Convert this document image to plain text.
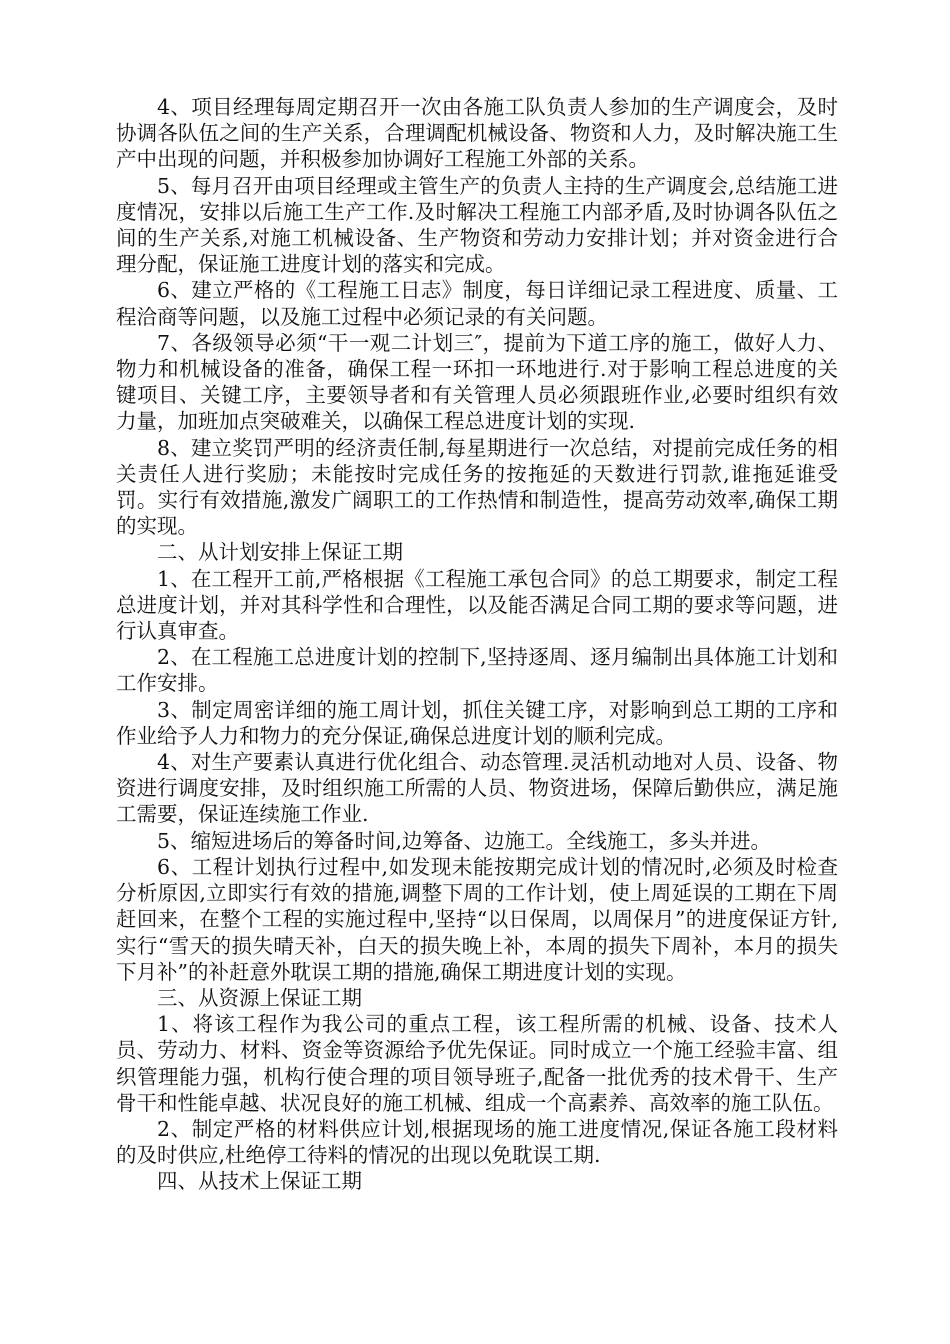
4、项目经理每周定期召开一次由各施工队负责人参加的生产调度会，及时协调各队伍之间的生产关系，合理调配机械设备、物资和人力，及时解决施工生产中出现的问题，并积极参加协调好工程施工外部的关系。

5、每月召开由项目经理或主管生产的负责人主持的生产调度会,总结施工进度情况，安排以后施工生产工作.及时解决工程施工内部矛盾,及时协调各队伍之间的生产关系,对施工机械设备、生产物资和劳动力安排计划；并对资金进行合理分配，保证施工进度计划的落实和完成。

6、建立严格的《工程施工日志》制度，每日详细记录工程进度、质量、工程洽商等问题，以及施工过程中必须记录的有关问题。

7、各级领导必须“干一观二计划三″，提前为下道工序的施工，做好人力、物力和机械设备的准备，确保工程一环扣一环地进行.对于影响工程总进度的关键项目、关键工序，主要领导者和有关管理人员必须跟班作业,必要时组织有效力量，加班加点突破难关，以确保工程总进度计划的实现.

8、建立奖罚严明的经济责任制,每星期进行一次总结，对提前完成任务的相关责任人进行奖励；未能按时完成任务的按拖延的天数进行罚款,谁拖延谁受罚。实行有效措施,激发广阔职工的工作热情和制造性，提高劳动效率,确保工期的实现。

二、从计划安排上保证工期

1、在工程开工前,严格根据《工程施工承包合同》的总工期要求，制定工程总进度计划，并对其科学性和合理性，以及能否满足合同工期的要求等问题，进行认真审查。

2、在工程施工总进度计划的控制下,坚持逐周、逐月编制出具体施工计划和工作安排。

3、制定周密详细的施工周计划，抓住关键工序，对影响到总工期的工序和作业给予人力和物力的充分保证,确保总进度计划的顺利完成。

4、对生产要素认真进行优化组合、动态管理.灵活机动地对人员、设备、物资进行调度安排，及时组织施工所需的人员、物资进场，保障后勤供应，满足施工需要，保证连续施工作业.

5、缩短进场后的筹备时间,边筹备、边施工。全线施工，多头并进。

6、工程计划执行过程中,如发现未能按期完成计划的情况时,必须及时检查分析原因,立即实行有效的措施,调整下周的工作计划，使上周延误的工期在下周赶回来，在整个工程的实施过程中,坚持“以日保周，以周保月”的进度保证方针,实行“雪天的损失晴天补，白天的损失晚上补，本周的损失下周补，本月的损失下月补”的补赶意外耽误工期的措施,确保工期进度计划的实现。

三、从资源上保证工期

1、将该工程作为我公司的重点工程，该工程所需的机械、设备、技术人员、劳动力、材料、资金等资源给予优先保证。同时成立一个施工经验丰富、组织管理能力强，机构行使合理的项目领导班子,配备一批优秀的技术骨干、生产骨干和性能卓越、状况良好的施工机械、组成一个高素养、高效率的施工队伍。

2、制定严格的材料供应计划,根据现场的施工进度情况,保证各施工段材料的及时供应,杜绝停工待料的情况的出现以免耽误工期.

四、从技术上保证工期
